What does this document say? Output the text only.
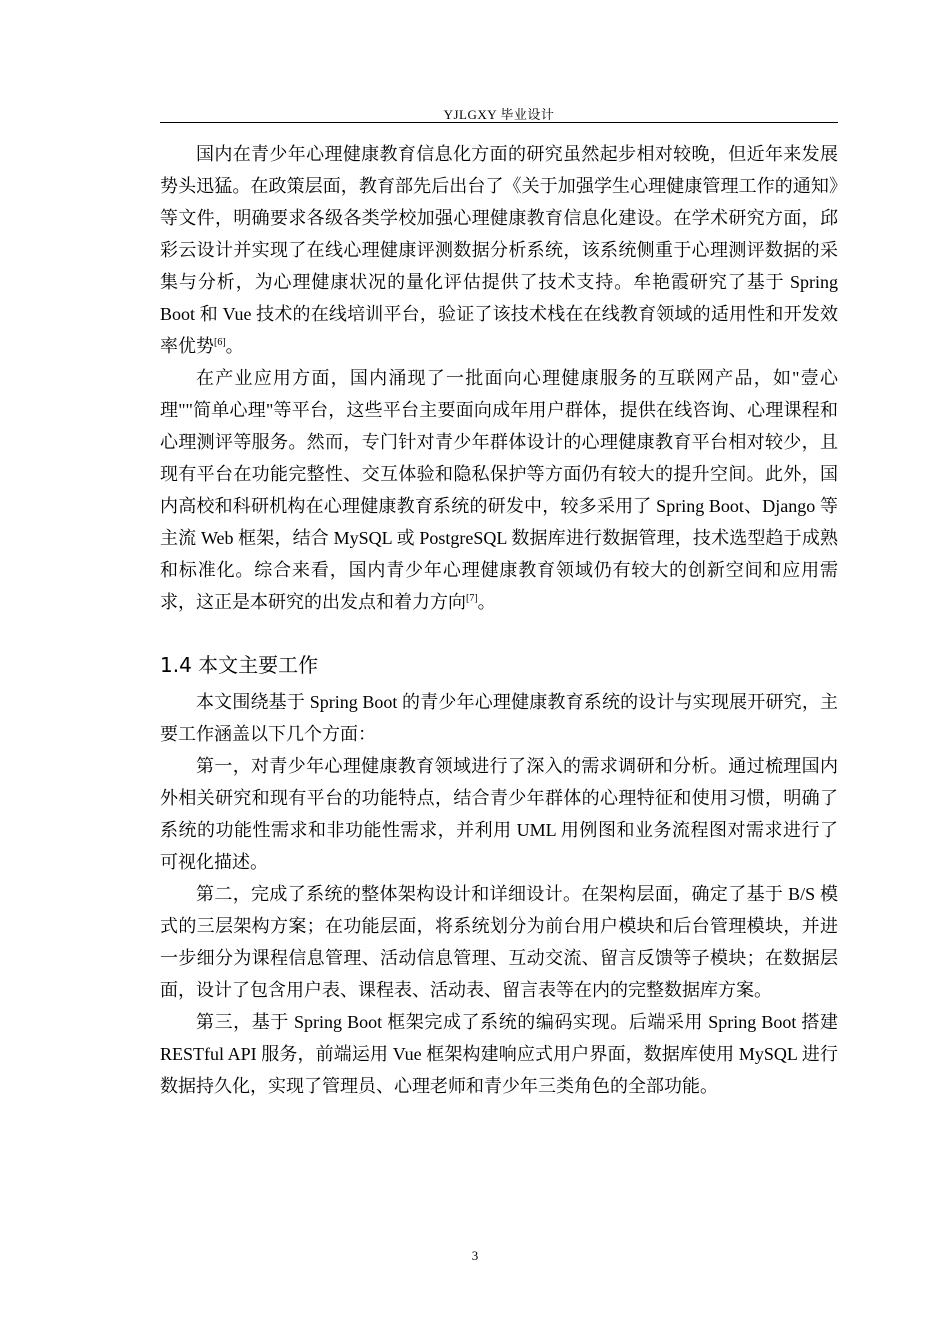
YJLGXY 毕业设计

国内在青少年心理健康教育信息化方面的研究虽然起步相对较晚，但近年来发展势头迅猛。在政策层面，教育部先后出台了《关于加强学生心理健康管理工作的通知》等文件，明确要求各级各类学校加强心理健康教育信息化建设。在学术研究方面，邱彩云设计并实现了在线心理健康评测数据分析系统，该系统侧重于心理测评数据的采集与分析，为心理健康状况的量化评估提供了技术支持。牟艳霞研究了基于 Spring Boot 和 Vue 技术的在线培训平台，验证了该技术栈在在线教育领域的适用性和开发效率优势[6]。

在产业应用方面，国内涌现了一批面向心理健康服务的互联网产品，如"壹心理""简单心理"等平台，这些平台主要面向成年用户群体，提供在线咨询、心理课程和心理测评等服务。然而，专门针对青少年群体设计的心理健康教育平台相对较少，且现有平台在功能完整性、交互体验和隐私保护等方面仍有较大的提升空间。此外，国内高校和科研机构在心理健康教育系统的研发中，较多采用了 Spring Boot、Django 等主流 Web 框架，结合 MySQL 或 PostgreSQL 数据库进行数据管理，技术选型趋于成熟和标准化。综合来看，国内青少年心理健康教育领域仍有较大的创新空间和应用需求，这正是本研究的出发点和着力方向[7]。

1.4 本文主要工作

本文围绕基于 Spring Boot 的青少年心理健康教育系统的设计与实现展开研究，主要工作涵盖以下几个方面：

第一，对青少年心理健康教育领域进行了深入的需求调研和分析。通过梳理国内外相关研究和现有平台的功能特点，结合青少年群体的心理特征和使用习惯，明确了系统的功能性需求和非功能性需求，并利用 UML 用例图和业务流程图对需求进行了可视化描述。

第二，完成了系统的整体架构设计和详细设计。在架构层面，确定了基于 B/S 模式的三层架构方案；在功能层面，将系统划分为前台用户模块和后台管理模块，并进一步细分为课程信息管理、活动信息管理、互动交流、留言反馈等子模块；在数据层面，设计了包含用户表、课程表、活动表、留言表等在内的完整数据库方案。

第三，基于 Spring Boot 框架完成了系统的编码实现。后端采用 Spring Boot 搭建 RESTful API 服务，前端运用 Vue 框架构建响应式用户界面，数据库使用 MySQL 进行数据持久化，实现了管理员、心理老师和青少年三类角色的全部功能。

3
